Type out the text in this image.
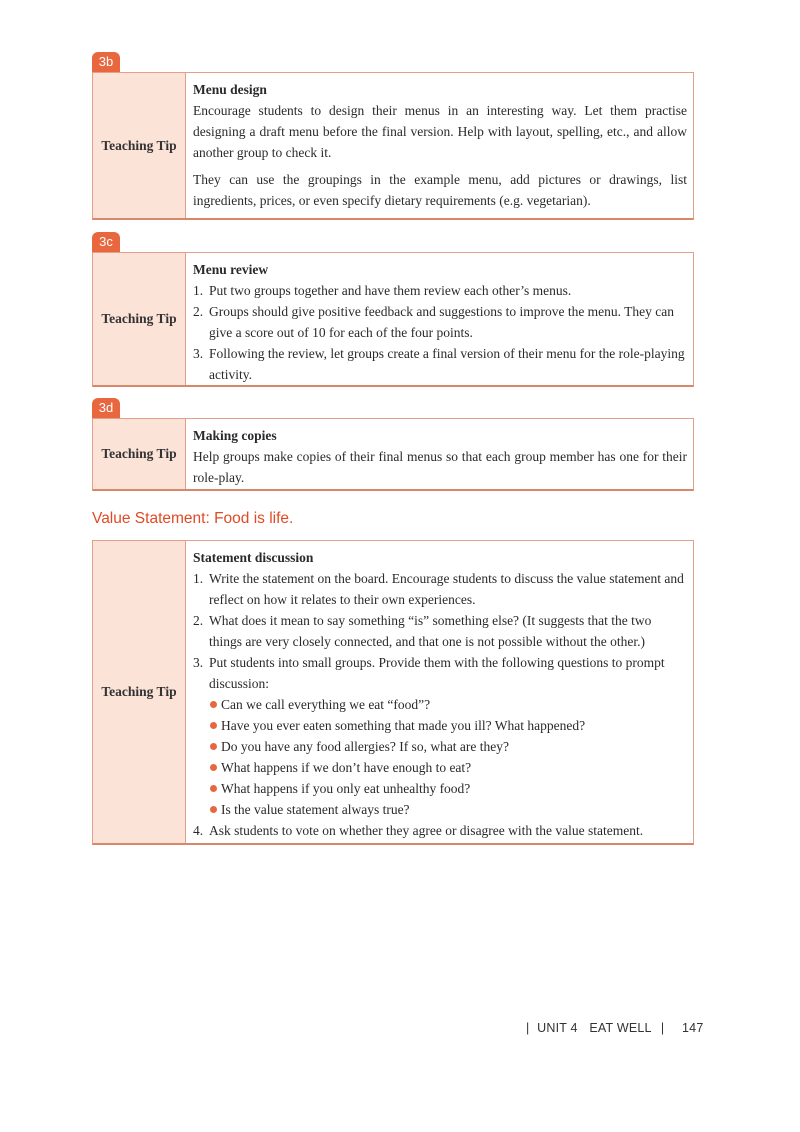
3b
Teaching Tip
Menu design

Encourage students to design their menus in an interesting way. Let them practise designing a draft menu before the final version. Help with layout, spelling, etc., and allow another group to check it.

They can use the groupings in the example menu, add pictures or drawings, list ingredients, prices, or even specify dietary requirements (e.g. vegetarian).

3c
Teaching Tip
Menu review
1. Put two groups together and have them review each other’s menus.
2. Groups should give positive feedback and suggestions to improve the menu. They can give a score out of 10 for each of the four points.
3. Following the review, let groups create a final version of their menu for the role-playing activity.
3d
Teaching Tip
Making copies

Help groups make copies of their final menus so that each group member has one for their role-play.

Value Statement: Food is life.
Teaching Tip
Statement discussion
1. Write the statement on the board. Encourage students to discuss the value statement and reflect on how it relates to their own experiences.
2. What does it mean to say something “is” something else? (It suggests that the two things are very closely connected, and that one is not possible without the other.)
3. Put students into small groups. Provide them with the following questions to prompt discussion:
Can we call everything we eat “food”?
Have you ever eaten something that made you ill? What happened?
Do you have any food allergies? If so, what are they?
What happens if we don’t have enough to eat?
What happens if you only eat unhealthy food?
Is the value statement always true?
4. Ask students to vote on whether they agree or disagree with the value statement.
| UNIT 4 EAT WELL | 147
